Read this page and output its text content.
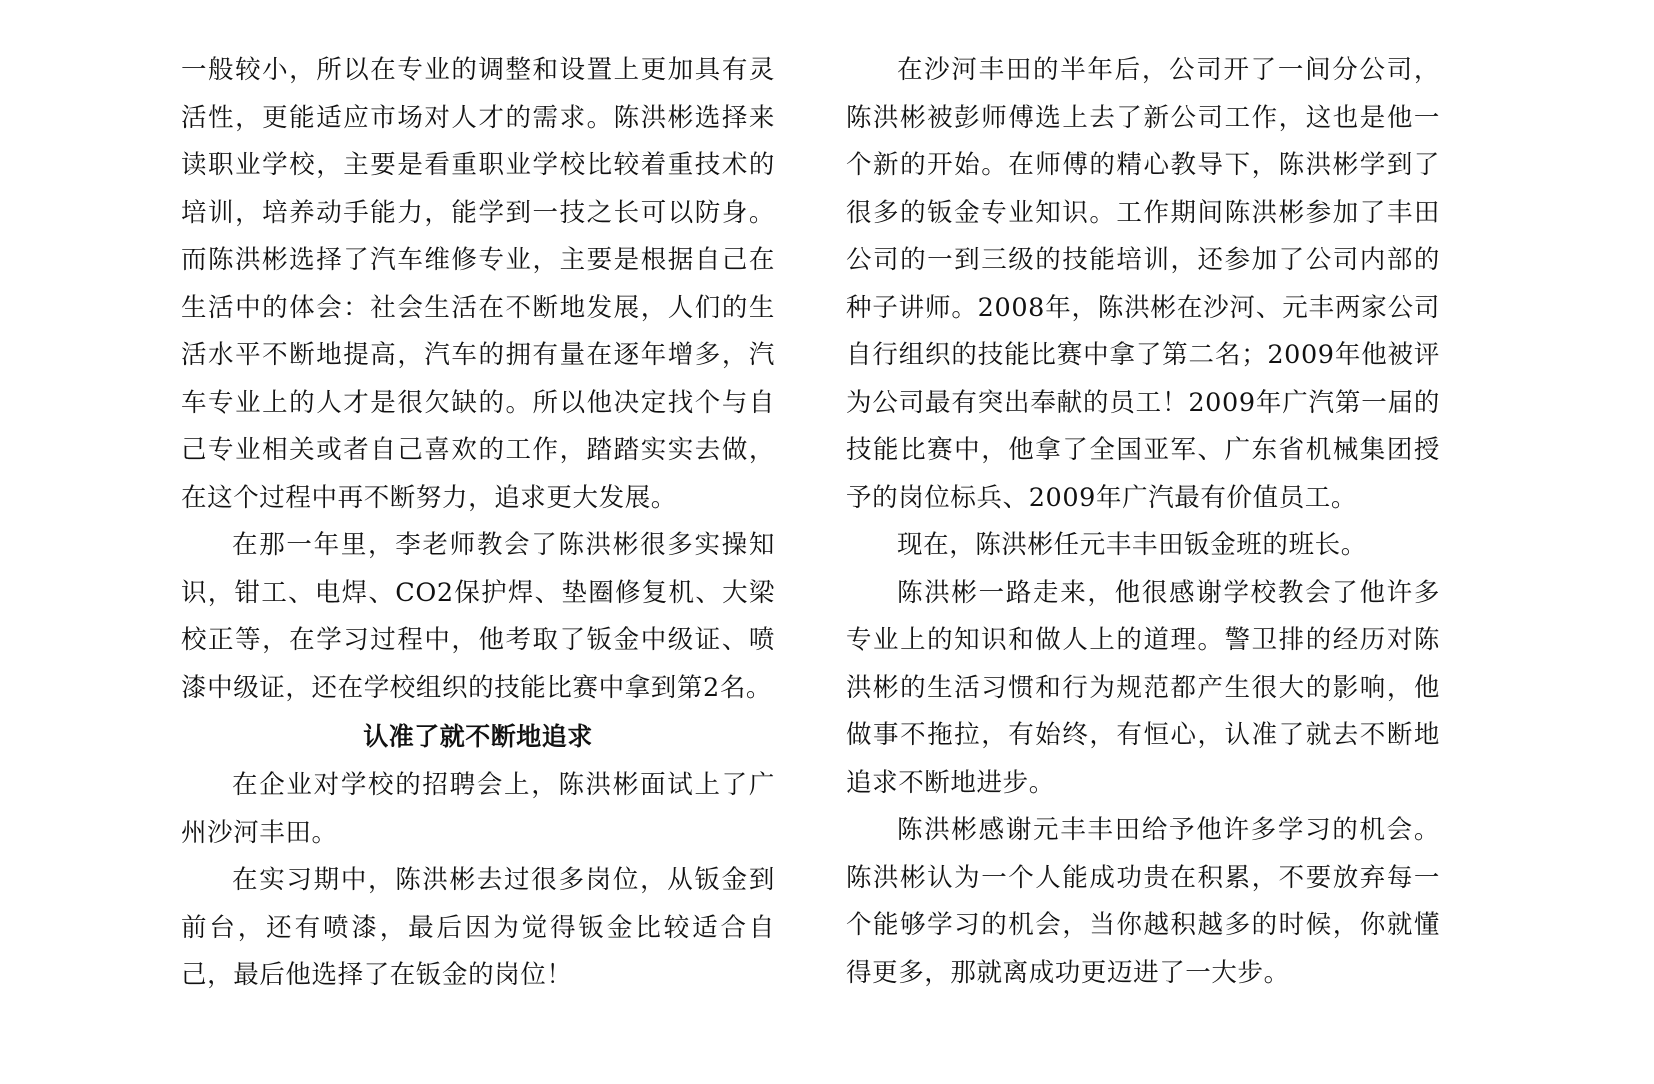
一般较小，所以在专业的调整和设置上更加具有灵活性，更能适应市场对人才的需求。陈洪彬选择来读职业学校，主要是看重职业学校比较着重技术的培训，培养动手能力，能学到一技之长可以防身。而陈洪彬选择了汽车维修专业，主要是根据自己在生活中的体会：社会生活在不断地发展，人们的生活水平不断地提高，汽车的拥有量在逐年增多，汽车专业上的人才是很欠缺的。所以他决定找个与自己专业相关或者自己喜欢的工作，踏踏实实去做，在这个过程中再不断努力，追求更大发展。

在那一年里，李老师教会了陈洪彬很多实操知识，钳工、电焊、CO2保护焊、垫圈修复机、大梁校正等，在学习过程中，他考取了钣金中级证、喷漆中级证，还在学校组织的技能比赛中拿到第2名。

认准了就不断地追求

在企业对学校的招聘会上，陈洪彬面试上了广州沙河丰田。

在实习期中，陈洪彬去过很多岗位，从钣金到前台，还有喷漆，最后因为觉得钣金比较适合自己，最后他选择了在钣金的岗位！

在沙河丰田的半年后，公司开了一间分公司，陈洪彬被彭师傅选上去了新公司工作，这也是他一个新的开始。在师傅的精心教导下，陈洪彬学到了很多的钣金专业知识。工作期间陈洪彬参加了丰田公司的一到三级的技能培训，还参加了公司内部的种子讲师。2008年，陈洪彬在沙河、元丰两家公司自行组织的技能比赛中拿了第二名；2009年他被评为公司最有突出奉献的员工！2009年广汽第一届的技能比赛中，他拿了全国亚军、广东省机械集团授予的岗位标兵、2009年广汽最有价值员工。

现在，陈洪彬任元丰丰田钣金班的班长。

陈洪彬一路走来，他很感谢学校教会了他许多专业上的知识和做人上的道理。警卫排的经历对陈洪彬的生活习惯和行为规范都产生很大的影响，他做事不拖拉，有始终，有恒心，认准了就去不断地追求不断地进步。

陈洪彬感谢元丰丰田给予他许多学习的机会。陈洪彬认为一个人能成功贵在积累，不要放弃每一个能够学习的机会，当你越积越多的时候，你就懂得更多，那就离成功更迈进了一大步。
